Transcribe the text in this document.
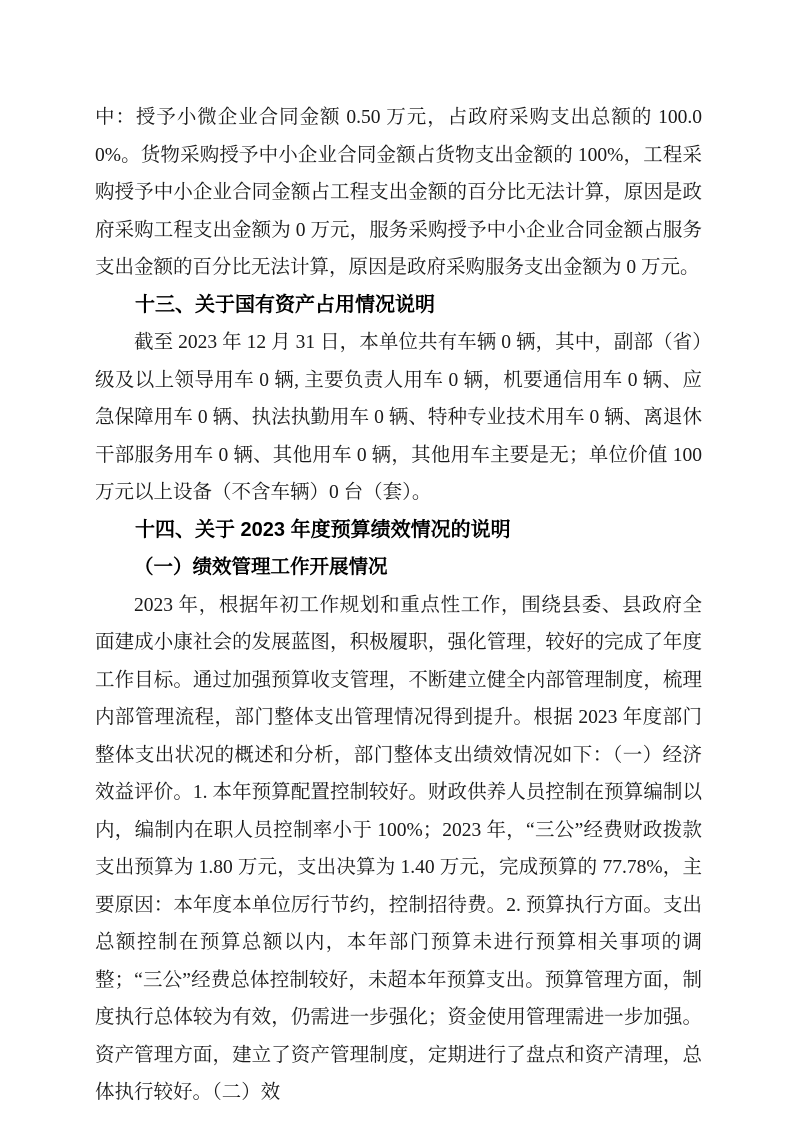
中：授予小微企业合同金额 0.50 万元，占政府采购支出总额的 100.00%。货物采购授予中小企业合同金额占货物支出金额的 100%，工程采购授予中小企业合同金额占工程支出金额的百分比无法计算，原因是政府采购工程支出金额为 0 万元，服务采购授予中小企业合同金额占服务支出金额的百分比无法计算，原因是政府采购服务支出金额为 0 万元。

十三、关于国有资产占用情况说明

截至 2023 年 12 月 31 日，本单位共有车辆 0 辆，其中，副部（省）级及以上领导用车 0 辆, 主要负责人用车 0 辆，机要通信用车 0 辆、应急保障用车 0 辆、执法执勤用车 0 辆、特种专业技术用车 0 辆、离退休干部服务用车 0 辆、其他用车 0 辆，其他用车主要是无；单位价值 100 万元以上设备（不含车辆）0 台（套）。

十四、关于 2023 年度预算绩效情况的说明
（一）绩效管理工作开展情况

2023 年，根据年初工作规划和重点性工作，围绕县委、县政府全面建成小康社会的发展蓝图，积极履职，强化管理，较好的完成了年度工作目标。通过加强预算收支管理，不断建立健全内部管理制度，梳理内部管理流程，部门整体支出管理情况得到提升。根据 2023 年度部门整体支出状况的概述和分析，部门整体支出绩效情况如下：（一）经济效益评价。1. 本年预算配置控制较好。财政供养人员控制在预算编制以内，编制内在职人员控制率小于 100%；2023 年，“三公”经费财政拨款支出预算为 1.80 万元，支出决算为 1.40 万元，完成预算的 77.78%，主要原因：本年度本单位厉行节约，控制招待费。2. 预算执行方面。支出总额控制在预算总额以内，本年部门预算未进行预算相关事项的调整；“三公”经费总体控制较好，未超本年预算支出。预算管理方面，制度执行总体较为有效，仍需进一步强化；资金使用管理需进一步加强。资产管理方面，建立了资产管理制度，定期进行了盘点和资产清理，总体执行较好。（二）效
